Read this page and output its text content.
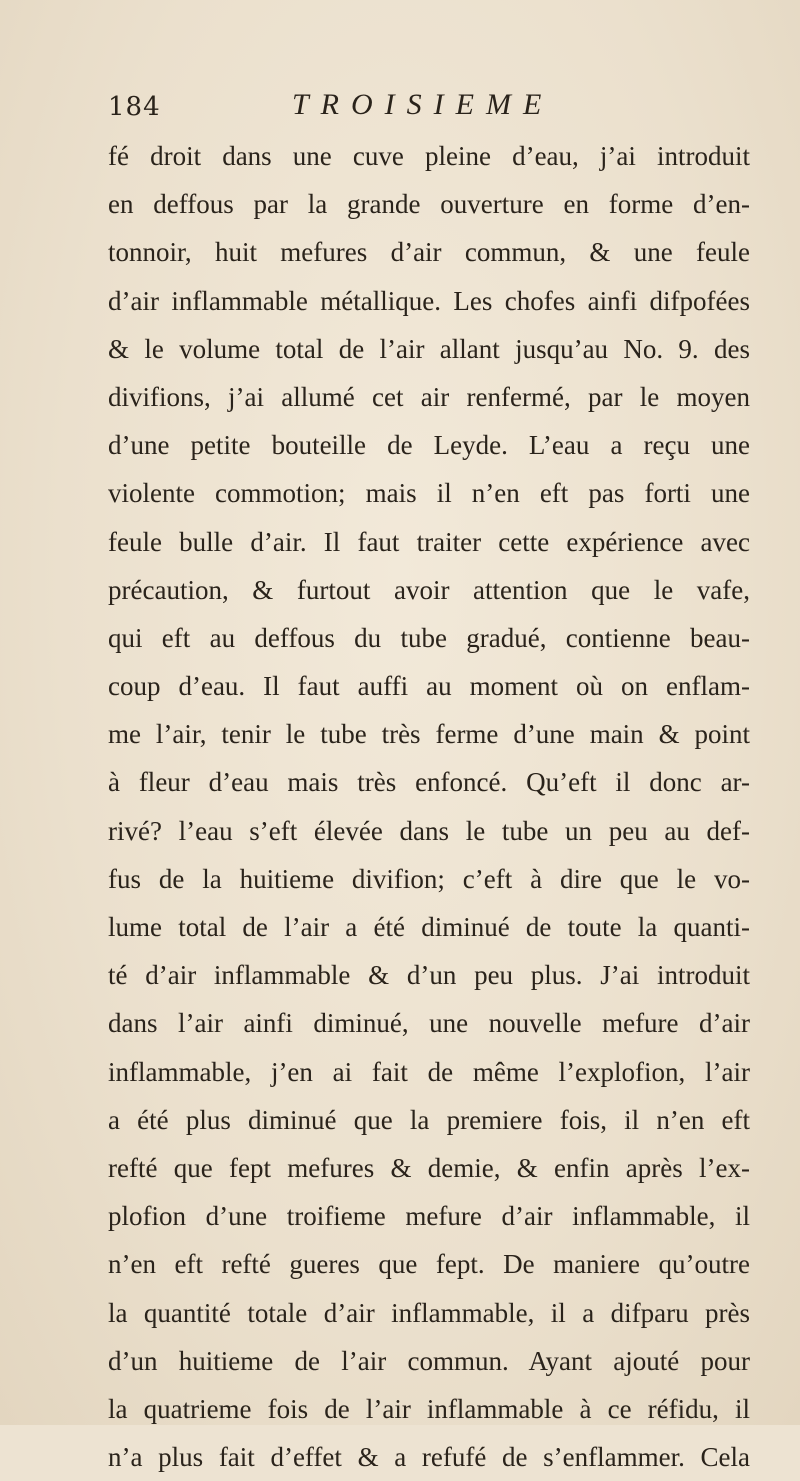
184	TROISIEME
fé droit dans une cuve pleine d’eau, j’ai introduit
en deffous par la grande ouverture en forme d’en-
tonnoir, huit mefures d’air commun, & une feule
d’air inflammable métallique. Les chofes ainfi difpofées
& le volume total de l’air allant jusqu’au No. 9. des
divifions, j’ai allumé cet air renfermé, par le moyen
d’une petite bouteille de Leyde. L’eau a reçu une
violente commotion; mais il n’en eft pas forti une
feule bulle d’air. Il faut traiter cette expérience avec
précaution, & furtout avoir attention que le vafe,
qui eft au deffous du tube gradué, contienne beau-
coup d’eau. Il faut auffi au moment où on enflam-
me l’air, tenir le tube très ferme d’une main & point
à fleur d’eau mais très enfoncé. Qu’eft il donc ar-
rivé? l’eau s’eft élevée dans le tube un peu au def-
fus de la huitieme divifion; c’eft à dire que le vo-
lume total de l’air a été diminué de toute la quanti-
té d’air inflammable & d’un peu plus. J’ai introduit
dans l’air ainfi diminué, une nouvelle mefure d’air
inflammable, j’en ai fait de même l’explofion, l’air
a été plus diminué que la premiere fois, il n’en eft
refté que fept mefures & demie, & enfin après l’ex-
plofion d’une troifieme mefure d’air inflammable, il
n’en eft refté gueres que fept. De maniere qu’outre
la quantité totale d’air inflammable, il a difparu près
d’un huitieme de l’air commun. Ayant ajouté pour
la quatrieme fois de l’air inflammable à ce réfidu, il
n’a plus fait d’effet & a refufé de s’enflammer. Cela
